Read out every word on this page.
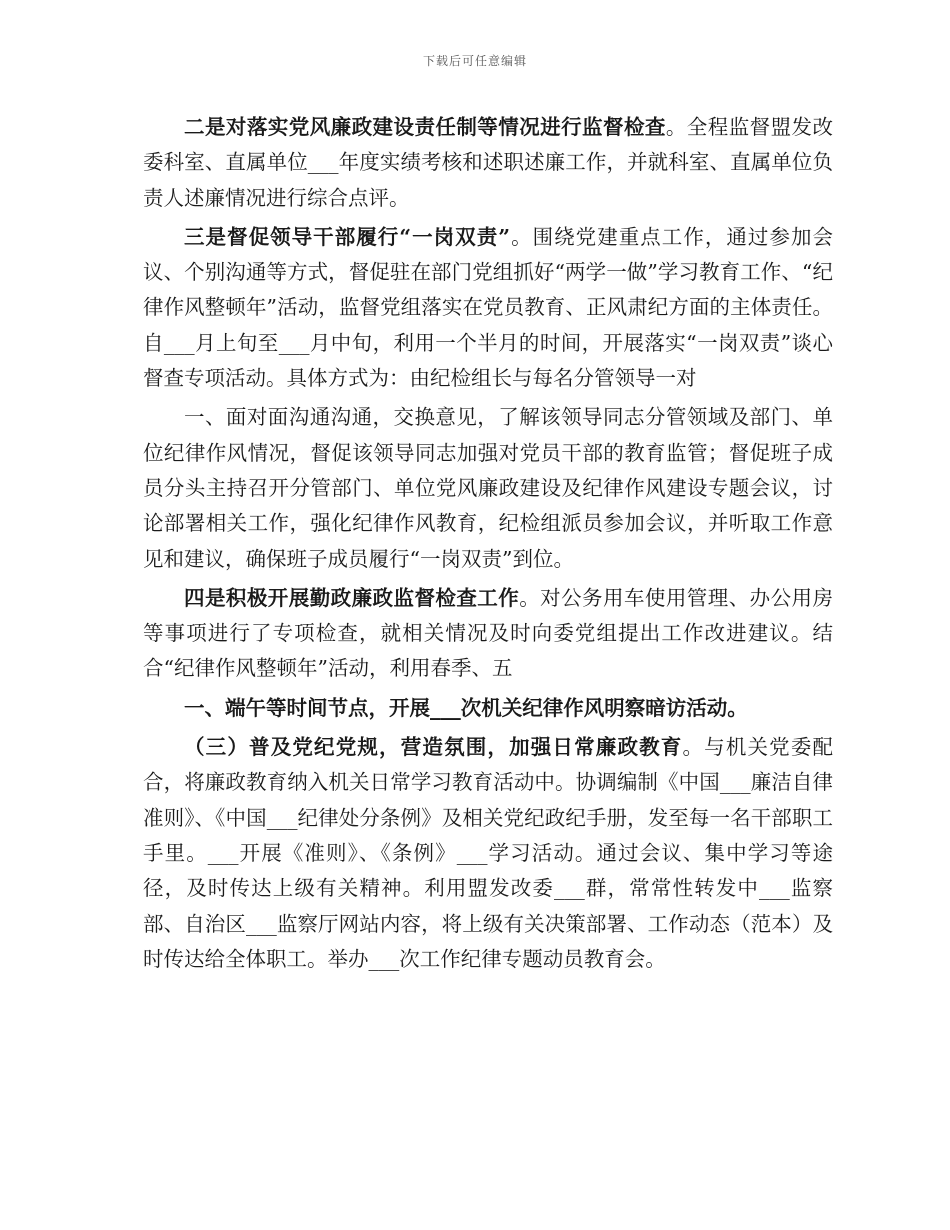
下载后可任意编辑

二是对落实党风廉政建设责任制等情况进行监督检查。全程监督盟发改委科室、直属单位___年度实绩考核和述职述廉工作，并就科室、直属单位负责人述廉情况进行综合点评。

三是督促领导干部履行“一岗双责”。围绕党建重点工作，通过参加会议、个别沟通等方式，督促驻在部门党组抓好“两学一做”学习教育工作、“纪律作风整顿年”活动，监督党组落实在党员教育、正风肃纪方面的主体责任。自___月上旬至___月中旬，利用一个半月的时间，开展落实“一岗双责”谈心督查专项活动。具体方式为：由纪检组长与每名分管领导一对

一、面对面沟通沟通，交换意见，了解该领导同志分管领域及部门、单位纪律作风情况，督促该领导同志加强对党员干部的教育监管；督促班子成员分头主持召开分管部门、单位党风廉政建设及纪律作风建设专题会议，讨论部署相关工作，强化纪律作风教育，纪检组派员参加会议，并听取工作意见和建议，确保班子成员履行“一岗双责”到位。

四是积极开展勤政廉政监督检查工作。对公务用车使用管理、办公用房等事项进行了专项检查，就相关情况及时向委党组提出工作改进建议。结合“纪律作风整顿年”活动，利用春季、五

一、端午等时间节点，开展___次机关纪律作风明察暗访活动。

（三）普及党纪党规，营造氛围，加强日常廉政教育。与机关党委配合，将廉政教育纳入机关日常学习教育活动中。协调编制《中国___廉洁自律准则》、《中国___纪律处分条例》及相关党纪政纪手册，发至每一名干部职工手里。___开展《准则》、《条例》___学习活动。通过会议、集中学习等途径，及时传达上级有关精神。利用盟发改委___群，常常性转发中___监察部、自治区___监察厅网站内容，将上级有关决策部署、工作动态（范本）及时传达给全体职工。举办___次工作纪律专题动员教育会。
